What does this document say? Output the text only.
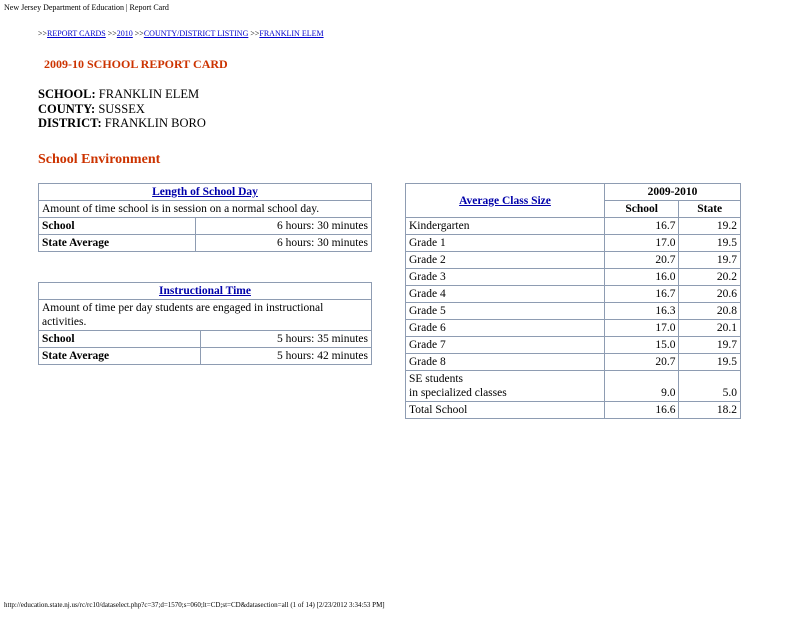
New Jersey Department of Education | Report Card
>>REPORT CARDS >>2010 >>COUNTY/DISTRICT LISTING >>FRANKLIN ELEM
2009-10 SCHOOL REPORT CARD
SCHOOL: FRANKLIN ELEM
COUNTY: SUSSEX
DISTRICT: FRANKLIN BORO
School Environment
Length of School Day	
Amount of time school is in session on a normal school day.	
School	6 hours: 30 minutes
State Average	6 hours: 30 minutes
Instructional Time	
Amount of time per day students are engaged in instructional activities.	
School	5 hours: 35 minutes
State Average	5 hours: 42 minutes
Average Class Size	2009-2010	
	School	State
Kindergarten	16.7	19.2
Grade 1	17.0	19.5
Grade 2	20.7	19.7
Grade 3	16.0	20.2
Grade 4	16.7	20.6
Grade 5	16.3	20.8
Grade 6	17.0	20.1
Grade 7	15.0	19.7
Grade 8	20.7	19.5

SE students
in specialized classes	9.0	5.0
Total School	16.6	18.2
http://education.state.nj.us/rc/rc10/dataselect.php?c=37;d=1570;s=060;lt=CD;st=CD&datasection=all (1 of 14) [2/23/2012 3:34:53 PM]
